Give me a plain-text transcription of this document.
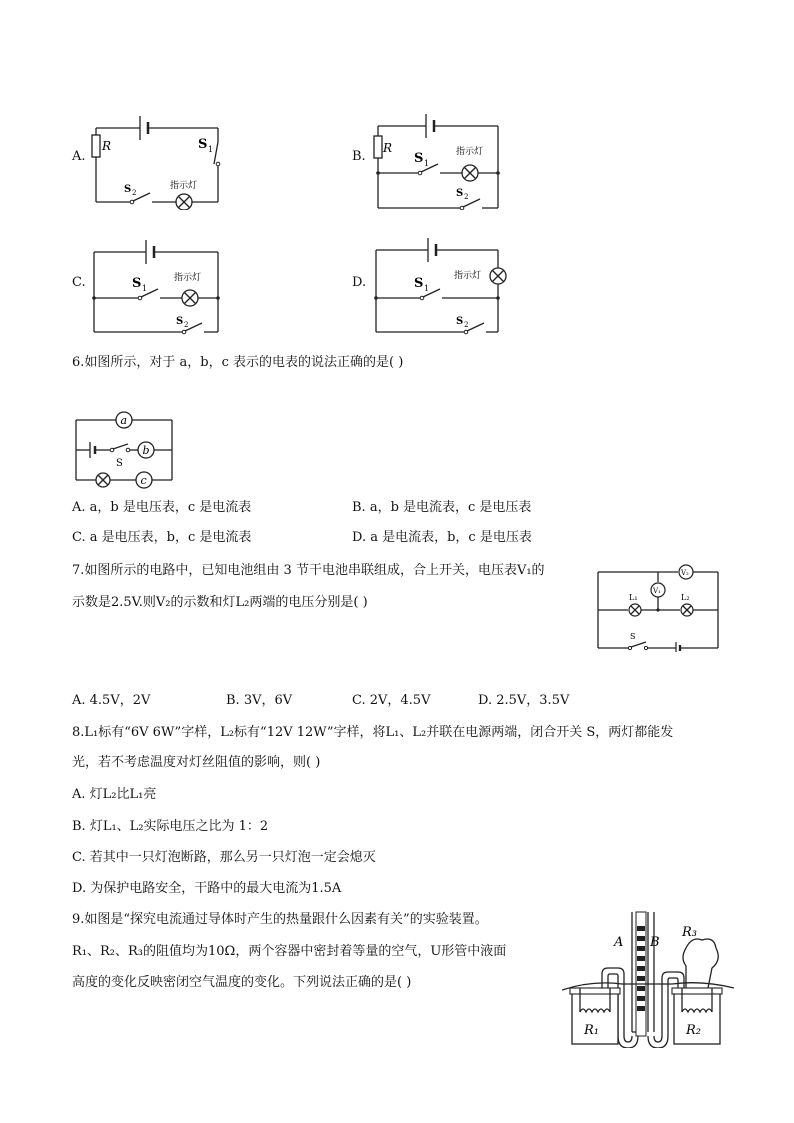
A.
R	S 1
S 2
指示灯
B.
R
S 1
指示灯
S 2
C.	S 1
指示灯
S 2
D.	S 1
指示灯
S 2
6.如图所示，对于 a，b，c 表示的电表的说法正确的是( )
a
b
c
S
A. a，b 是电压表，c 是电流表	B. a，b 是电流表，c 是电压表
C. a 是电压表，b，c 是电流表	D. a 是电流表，b，c 是电压表
7.如图所示的电路中，已知电池组由 3 节干电池串联组成，合上开关，电压表V₁的
示数是2.5V.则V₂的示数和灯L₂两端的电压分别是( )
V₂
V₁
L₁	L₂
S
A. 4.5V，2V	B. 3V，6V	C. 2V，4.5V	D. 2.5V，3.5V
8.L₁标有“6V 6W”字样，L₂标有“12V 12W”字样，将L₁、L₂并联在电源两端，闭合开关 S，两灯都能发
光，若不考虑温度对灯丝阻值的影响，则( )
A. 灯L₂比L₁亮
B. 灯L₁、L₂实际电压之比为 1：2
C. 若其中一只灯泡断路，那么另一只灯泡一定会熄灭
D. 为保护电路安全，干路中的最大电流为1.5A
9.如图是“探究电流通过导体时产生的热量跟什么因素有关”的实验装置。
R₁、R₂、R₃的阻值均为10Ω，两个容器中密封着等量的空气，U形管中液面
高度的变化反映密闭空气温度的变化。下列说法正确的是( )
A B
R₃
R₁	R₂
